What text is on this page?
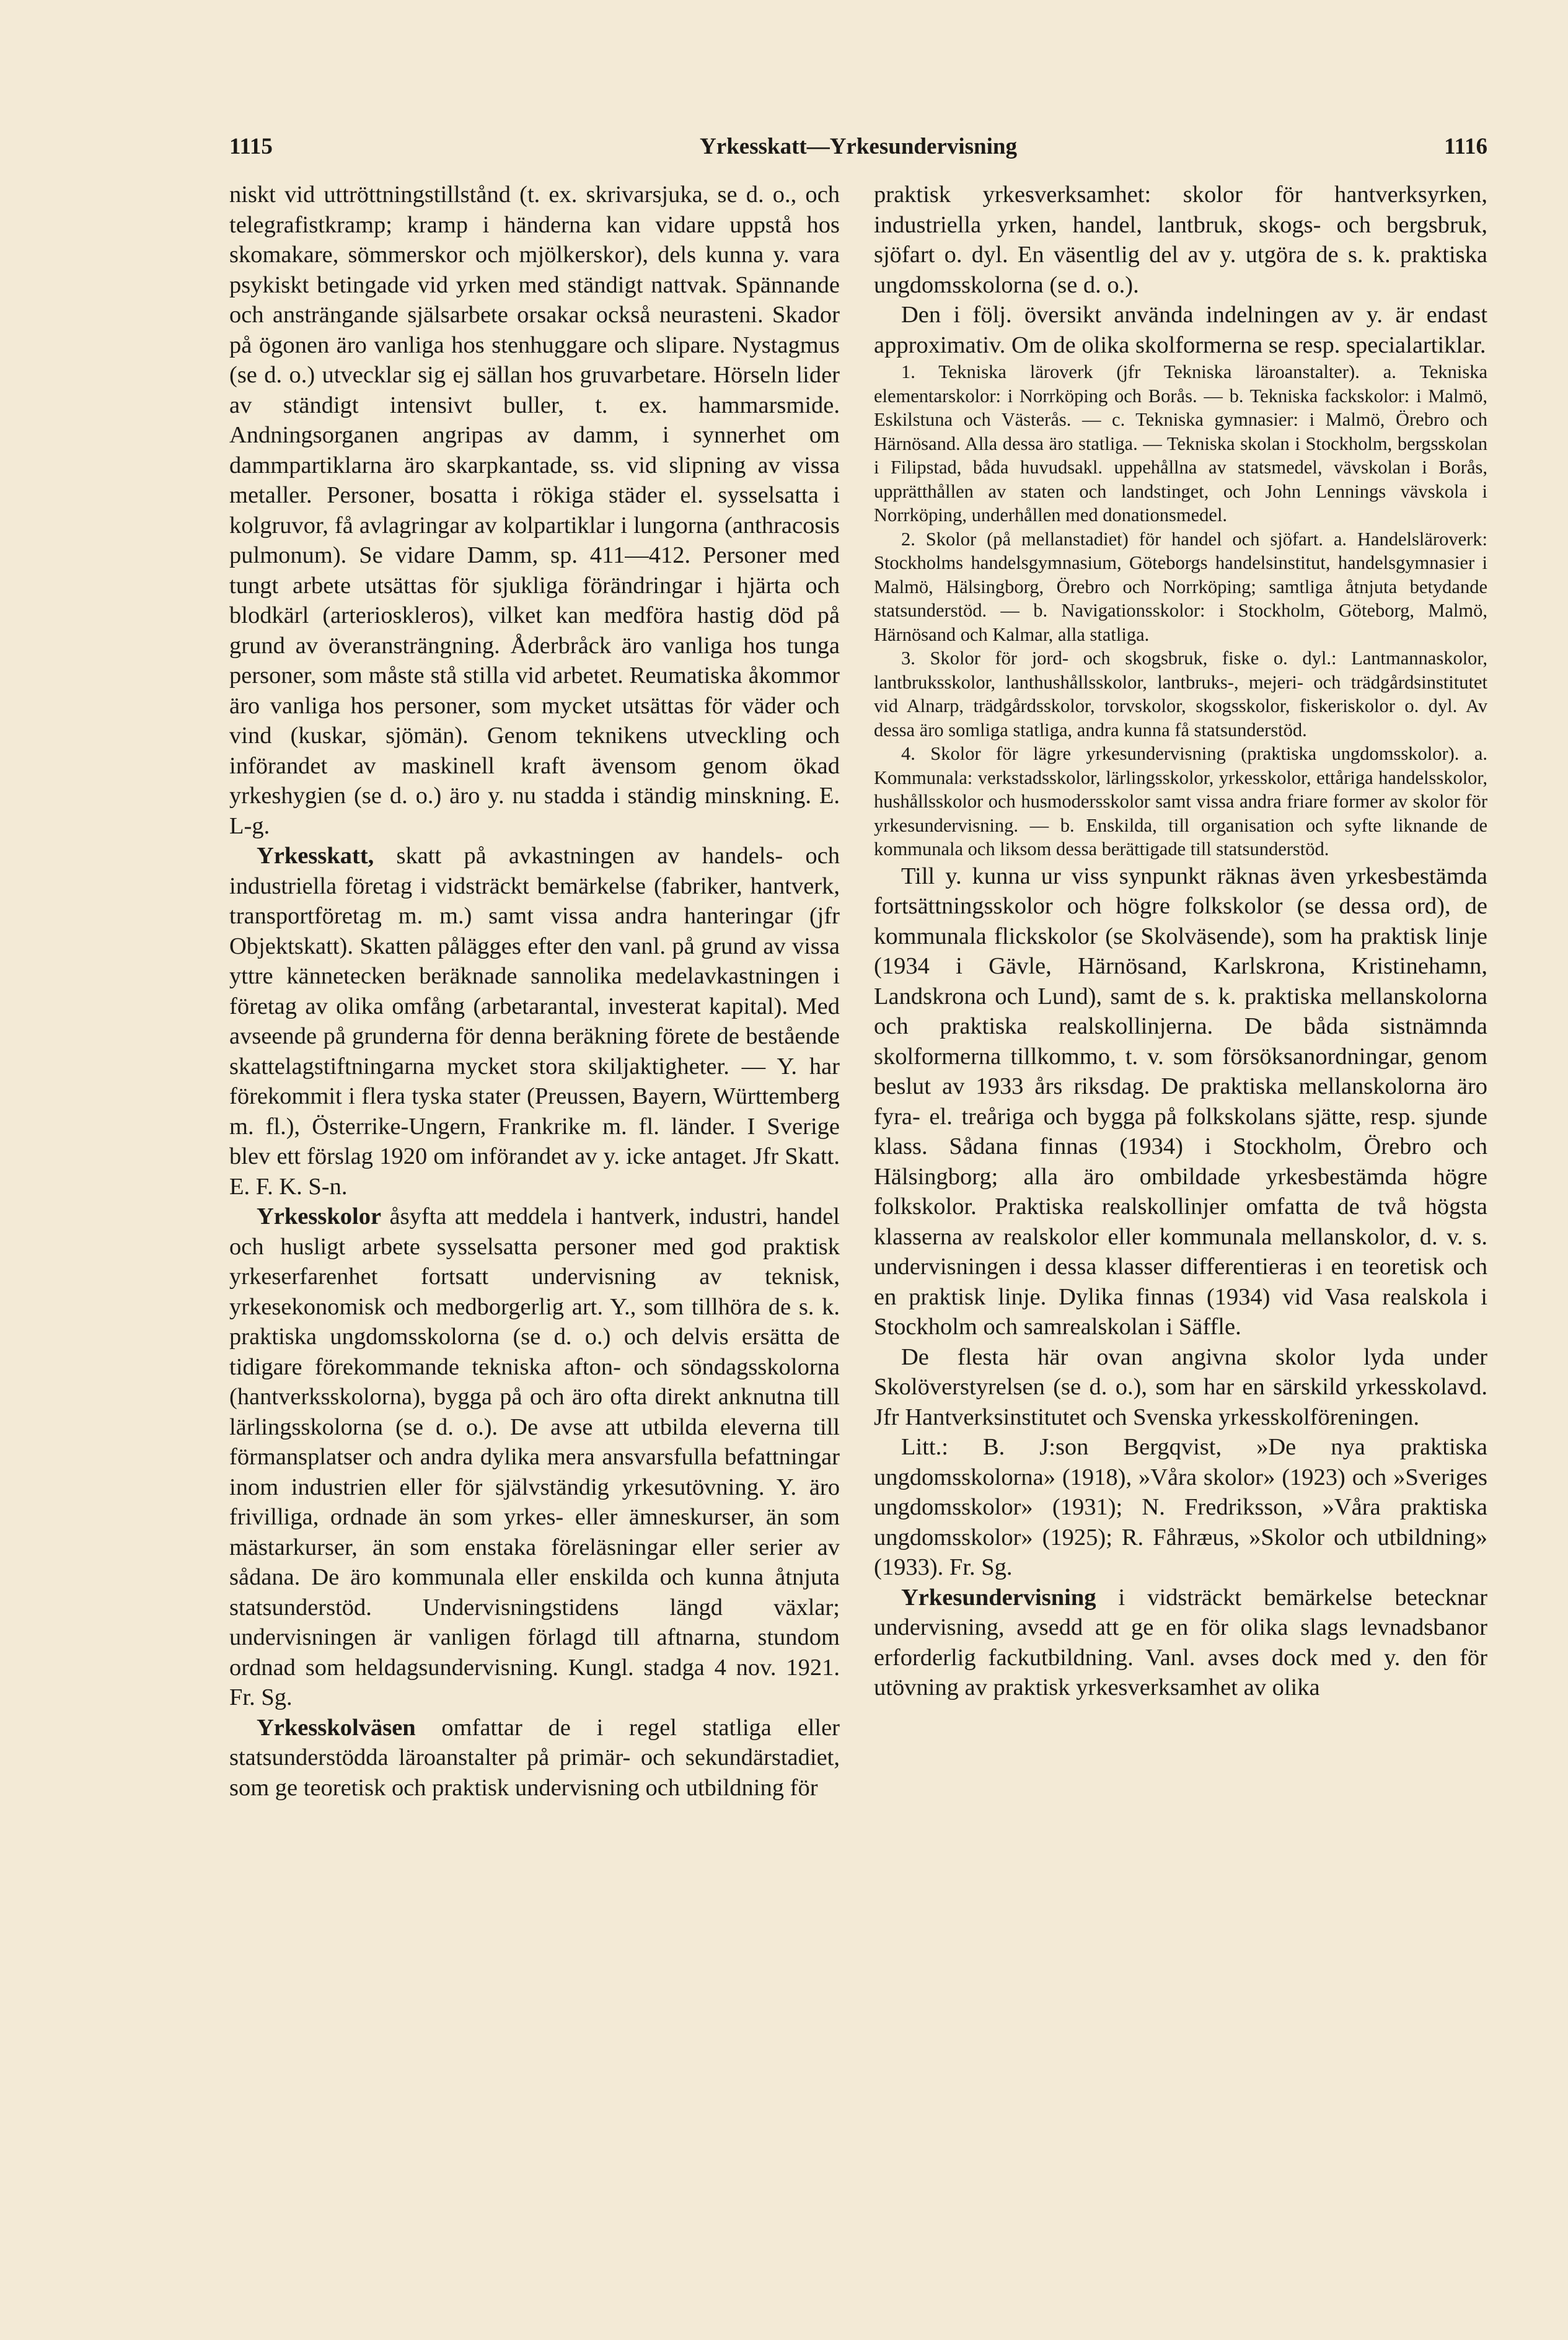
1115	Yrkesskatt—Yrkesundervisning	1116

niskt vid uttröttningstillstånd (t. ex. skrivarsjuka, se d. o., och telegrafistkramp; kramp i händerna kan vidare uppstå hos skomakare, sömmerskor och mjölkerskor), dels kunna y. vara psykiskt betingade vid yrken med ständigt nattvak. Spännande och ansträngande själsarbete orsakar också neurasteni. Skador på ögonen äro vanliga hos stenhuggare och slipare. Nystagmus (se d. o.) utvecklar sig ej sällan hos gruvarbetare. Hörseln lider av ständigt intensivt buller, t. ex. hammarsmide. Andningsorganen angripas av damm, i synnerhet om dammpartiklarna äro skarpkantade, ss. vid slipning av vissa metaller. Personer, bosatta i rökiga städer el. sysselsatta i kolgruvor, få avlagringar av kolpartiklar i lungorna (anthracosis pulmonum). Se vidare Damm, sp. 411—412. Personer med tungt arbete utsättas för sjukliga förändringar i hjärta och blodkärl (arterioskleros), vilket kan medföra hastig död på grund av överansträngning. Åderbråck äro vanliga hos tunga personer, som måste stå stilla vid arbetet. Reumatiska åkommor äro vanliga hos personer, som mycket utsättas för väder och vind (kuskar, sjömän). Genom teknikens utveckling och införandet av maskinell kraft ävensom genom ökad yrkeshygien (se d. o.) äro y. nu stadda i ständig minskning. E. L-g.

Yrkesskatt, skatt på avkastningen av handels- och industriella företag i vidsträckt bemärkelse (fabriker, hantverk, transportföretag m. m.) samt vissa andra hanteringar (jfr Objektskatt). Skatten pålägges efter den vanl. på grund av vissa yttre kännetecken beräknade sannolika medelavkastningen i företag av olika omfång (arbetarantal, investerat kapital). Med avseende på grunderna för denna beräkning förete de bestående skattelagstiftningarna mycket stora skiljaktigheter. — Y. har förekommit i flera tyska stater (Preussen, Bayern, Württemberg m. fl.), Österrike-Ungern, Frankrike m. fl. länder. I Sverige blev ett förslag 1920 om införandet av y. icke antaget. Jfr Skatt. E. F. K. S-n.

Yrkesskolor åsyfta att meddela i hantverk, industri, handel och husligt arbete sysselsatta personer med god praktisk yrkeserfarenhet fortsatt undervisning av teknisk, yrkesekonomisk och medborgerlig art. Y., som tillhöra de s. k. praktiska ungdomsskolorna (se d. o.) och delvis ersätta de tidigare förekommande tekniska afton- och söndagsskolorna (hantverksskolorna), bygga på och äro ofta direkt anknutna till lärlingsskolorna (se d. o.). De avse att utbilda eleverna till förmansplatser och andra dylika mera ansvarsfulla befattningar inom industrien eller för självständig yrkesutövning. Y. äro frivilliga, ordnade än som yrkes- eller ämneskurser, än som mästarkurser, än som enstaka föreläsningar eller serier av sådana. De äro kommunala eller enskilda och kunna åtnjuta statsunderstöd. Undervisningstidens längd växlar; undervisningen är vanligen förlagd till aftnarna, stundom ordnad som heldagsundervisning. Kungl. stadga 4 nov. 1921. Fr. Sg.

Yrkesskolväsen omfattar de i regel statliga eller statsunderstödda läroanstalter på primär- och sekundärstadiet, som ge teoretisk och praktisk undervisning och utbildning för

praktisk yrkesverksamhet: skolor för hantverksyrken, industriella yrken, handel, lantbruk, skogs- och bergsbruk, sjöfart o. dyl. En väsentlig del av y. utgöra de s. k. praktiska ungdomsskolorna (se d. o.).

Den i följ. översikt använda indelningen av y. är endast approximativ. Om de olika skolformerna se resp. specialartiklar.

1. Tekniska läroverk (jfr Tekniska läroanstalter). a. Tekniska elementarskolor: i Norrköping och Borås. — b. Tekniska fackskolor: i Malmö, Eskilstuna och Västerås. — c. Tekniska gymnasier: i Malmö, Örebro och Härnösand. Alla dessa äro statliga. — Tekniska skolan i Stockholm, bergsskolan i Filipstad, båda huvudsakl. uppehållna av statsmedel, vävskolan i Borås, upprätthållen av staten och landstinget, och John Lennings vävskola i Norrköping, underhållen med donationsmedel.

2. Skolor (på mellanstadiet) för handel och sjöfart. a. Handelsläroverk: Stockholms handelsgymnasium, Göteborgs handelsinstitut, handelsgymnasier i Malmö, Hälsingborg, Örebro och Norrköping; samtliga åtnjuta betydande statsunderstöd. — b. Navigationsskolor: i Stockholm, Göteborg, Malmö, Härnösand och Kalmar, alla statliga.

3. Skolor för jord- och skogsbruk, fiske o. dyl.: Lantmannaskolor, lantbruksskolor, lanthushållsskolor, lantbruks-, mejeri- och trädgårdsinstitutet vid Alnarp, trädgårdsskolor, torvskolor, skogsskolor, fiskeriskolor o. dyl. Av dessa äro somliga statliga, andra kunna få statsunderstöd.

4. Skolor för lägre yrkesundervisning (praktiska ungdomsskolor). a. Kommunala: verkstadsskolor, lärlingsskolor, yrkesskolor, ettåriga handelsskolor, hushållsskolor och husmodersskolor samt vissa andra friare former av skolor för yrkesundervisning. — b. Enskilda, till organisation och syfte liknande de kommunala och liksom dessa berättigade till statsunderstöd.

Till y. kunna ur viss synpunkt räknas även yrkesbestämda fortsättningsskolor och högre folkskolor (se dessa ord), de kommunala flickskolor (se Skolväsende), som ha praktisk linje (1934 i Gävle, Härnösand, Karlskrona, Kristinehamn, Landskrona och Lund), samt de s. k. praktiska mellanskolorna och praktiska realskollinjerna. De båda sistnämnda skolformerna tillkommo, t. v. som försöksanordningar, genom beslut av 1933 års riksdag. De praktiska mellanskolorna äro fyra- el. treåriga och bygga på folkskolans sjätte, resp. sjunde klass. Sådana finnas (1934) i Stockholm, Örebro och Hälsingborg; alla äro ombildade yrkesbestämda högre folkskolor. Praktiska realskollinjer omfatta de två högsta klasserna av realskolor eller kommunala mellanskolor, d. v. s. undervisningen i dessa klasser differentieras i en teoretisk och en praktisk linje. Dylika finnas (1934) vid Vasa realskola i Stockholm och samrealskolan i Säffle.

De flesta här ovan angivna skolor lyda under Skolöverstyrelsen (se d. o.), som har en särskild yrkesskolavd. Jfr Hantverksinstitutet och Svenska yrkesskolföreningen.

Litt.: B. J:son Bergqvist, »De nya praktiska ungdomsskolorna» (1918), »Våra skolor» (1923) och »Sveriges ungdomsskolor» (1931); N. Fredriksson, »Våra praktiska ungdomsskolor» (1925); R. Fåhræus, »Skolor och utbildning» (1933). Fr. Sg.

Yrkesundervisning i vidsträckt bemärkelse betecknar undervisning, avsedd att ge en för olika slags levnadsbanor erforderlig fackutbildning. Vanl. avses dock med y. den för utövning av praktisk yrkesverksamhet av olika
